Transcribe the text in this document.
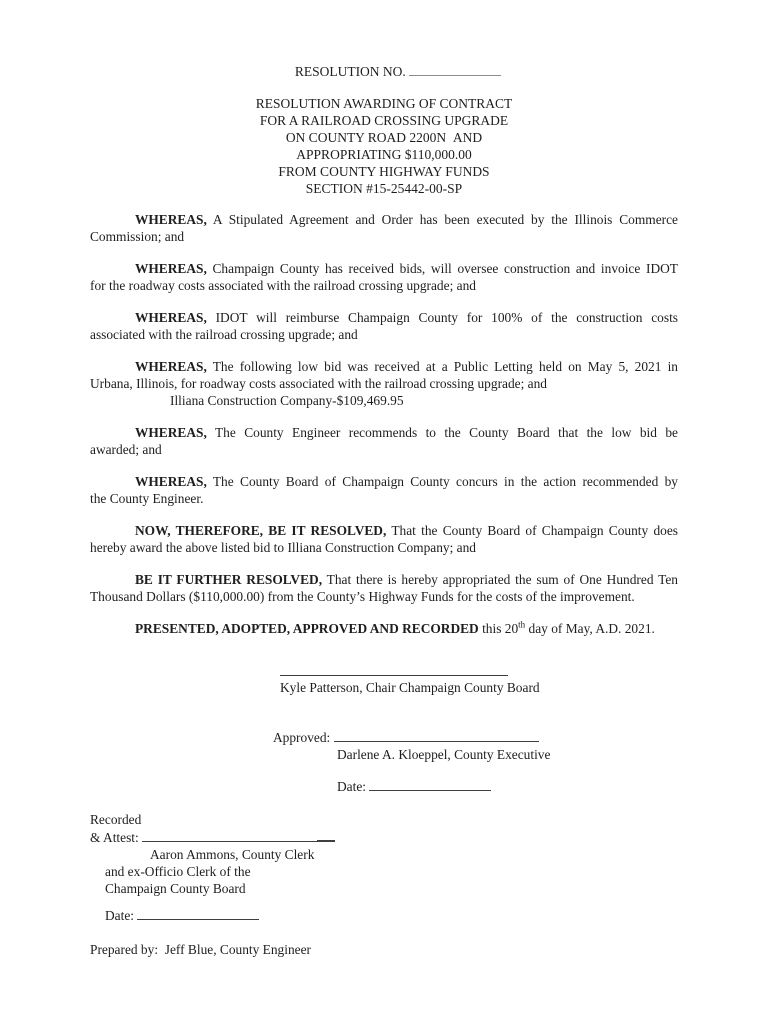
RESOLUTION NO.
RESOLUTION AWARDING OF CONTRACT
FOR A RAILROAD CROSSING UPGRADE
ON COUNTY ROAD 2200N  AND
APPROPRIATING $110,000.00
FROM COUNTY HIGHWAY FUNDS
SECTION #15-25442-00-SP
WHEREAS, A Stipulated Agreement and Order has been executed by the Illinois Commerce
Commission; and
WHEREAS, Champaign County has received bids, will oversee construction and invoice IDOT
for the roadway costs associated with the railroad crossing upgrade; and
WHEREAS, IDOT will reimburse Champaign County for 100% of the construction costs
associated with the railroad crossing upgrade; and
WHEREAS, The following low bid was received at a Public Letting held on May 5, 2021 in
Urbana, Illinois, for roadway costs associated with the railroad crossing upgrade; and
Illiana Construction Company-$109,469.95
WHEREAS, The County Engineer recommends to the County Board that the low bid be
awarded; and
WHEREAS, The County Board of Champaign County concurs in the action recommended by
the County Engineer.
NOW, THEREFORE, BE IT RESOLVED, That the County Board of Champaign County does
hereby award the above listed bid to Illiana Construction Company; and
BE IT FURTHER RESOLVED, That there is hereby appropriated the sum of One Hundred Ten
Thousand Dollars ($110,000.00) from the County’s Highway Funds for the costs of the improvement.
PRESENTED, ADOPTED, APPROVED AND RECORDED this 20th day of May, A.D. 2021.
Kyle Patterson, Chair Champaign County Board
Approved:
Darlene A. Kloeppel, County Executive
Date:
Recorded
& Attest:
Aaron Ammons, County Clerk
and ex-Officio Clerk of the
Champaign County Board
Date:
Prepared by:  Jeff Blue, County Engineer
